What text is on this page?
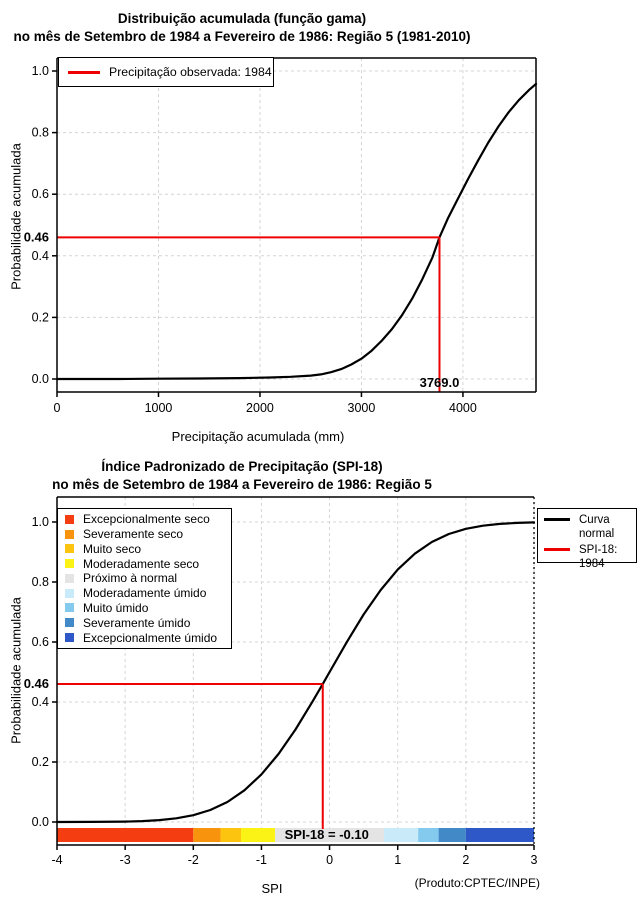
0.46
3769.0
0	1000	2000	3000	4000
0.0
0.2
0.4
0.6
0.8
1.0
0.46
SPI-18 = -0.10
-4	-3	-2	-1	0	1	2	3
0.0
0.2
0.4
0.6
0.8
1.0
Distribuição acumulada (função gama)
no mês de Setembro de 1984 a Fevereiro de 1986: Região 5 (1981-2010)
Probabilidade acumulada
Precipitação acumulada (mm)
Precipitação observada: 1984
Índice Padronizado de Precipitação (SPI-18)
no mês de Setembro de 1984 a Fevereiro de 1986: Região 5
Probabilidade acumulada
SPI	(Produto:CPTEC/INPE)
Excepcionalmente seco
Severamente seco
Muito seco
Moderadamente seco
Próximo à normal
Moderadamente úmido
Muito úmido
Severamente úmido
Excepcionalmente úmido
Curva normal
SPI-18: 1984
